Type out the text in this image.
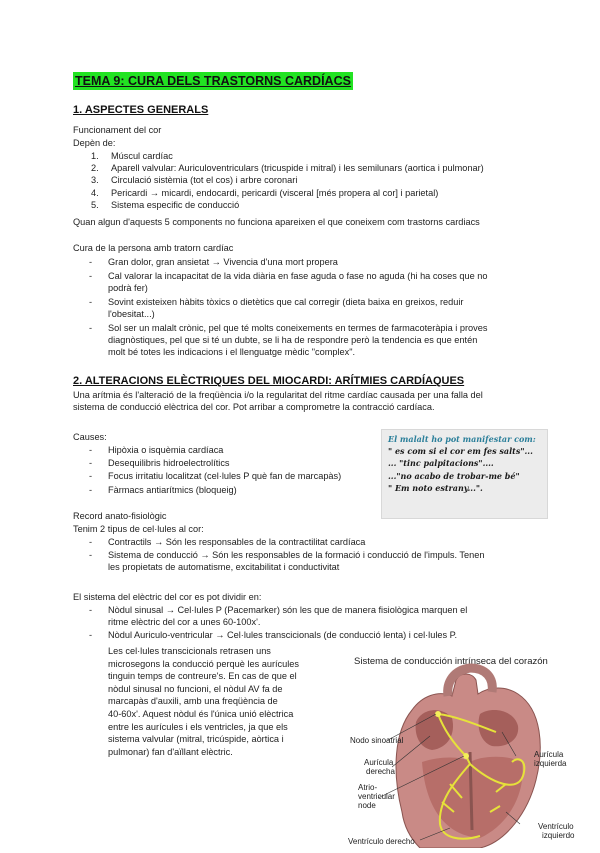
TEMA 9: CURA DELS TRASTORNS CARDÍACS
1. ASPECTES GENERALS
Funcionament del cor
Depèn de:
1. Múscul cardíac
2. Aparell valvular: Auriculoventriculars (tricuspide i mitral) i les semilunars (aortica i pulmonar)
3. Circulació sistèmia (tot el cos) i arbre coronari
4. Pericardi → micardi, endocardi, pericardi (visceral [més propera al cor] i parietal)
5. Sistema especific de conducció
Quan algun d'aquests 5 components no funciona apareixen el que coneixem com trastorns cardiacs
Cura de la persona amb tratorn cardíac
- Gran dolor, gran ansietat → Vivencia d'una mort propera
- Cal valorar la incapacitat de la vida diària en fase aguda o fase no aguda (hi ha coses que no
podrà fer)
- Sovint existeixen hàbits tòxics o dietètics que cal corregir (dieta baixa en greixos, reduir
l'obesitat...)
- Sol ser un malalt crònic, pel que té molts coneixements en termes de farmacoteràpia i proves
diagnòstiques, pel que si té un dubte, se li ha de respondre però la tendencia es que entén
molt bé totes les indicacions i el llenguatge mèdic "complex".
2. ALTERACIONS ELÈCTRIQUES DEL MIOCARDI: ARÍTMIES CARDÍAQUES
Una arítmia és l'alteració de la freqüència i/o la regularitat del ritme cardíac causada per una falla del
sistema de conducció elèctrica del cor. Pot arribar a comprometre la contracció cardíaca.
Causes:
- Hipòxia o isquèmia cardíaca
- Desequilibris hidroelectrolítics
- Focus irritatiu localitzat (cel·lules P què fan de marcapàs)
- Fàrmacs antiarítmics (bloqueig)
El malalt ho pot manifestar com:
" es com si el cor em fes salts"...
... "tinc palpitacions"....
..."no acabo de trobar-me bé"
" Em noto estrany...".
Record anato-fisiològic
Tenim 2 tipus de cel·lules al cor:
- Contractils → Són les responsables de la contractilitat cardíaca
- Sistema de conducció → Són les responsables de la formació i conducció de l'impuls. Tenen
les propietats de automatisme, excitabilitat i conductivitat
El sistema del elèctric del cor es pot dividir en:
- Nòdul sinusal → Cel·lules P (Pacemarker) són les que de manera fisiològica marquen el
ritme elèctric del cor a unes 60-100x'.
- Nòdul Auriculo-ventricular → Cel·lules transcicionals (de conducció lenta) i cel·lules P.
Les cel·lules transcicionals retrasen uns
microsegons la conducció perquè les aurícules
tinguin temps de contreure's. En cas de que el
nòdul sinusal no funcioni, el nòdul AV fa de
marcapàs d'auxili, amb una freqüència de
40-60x'. Aquest nòdul és l'única unió elèctrica
entre les aurícules i els ventricles, ja que els
sistema valvular (mitral, tricúspide, aòrtica i
pulmonar) fan d'aïllant elèctric.
Sistema de conducción intrínseca del corazón
Nodo sinoatrial
Aurícula
derecha
Atrio-
ventricular
node
Aurícula
izquierda
Ventrículo
izquierdo
Ventrículo derecho
